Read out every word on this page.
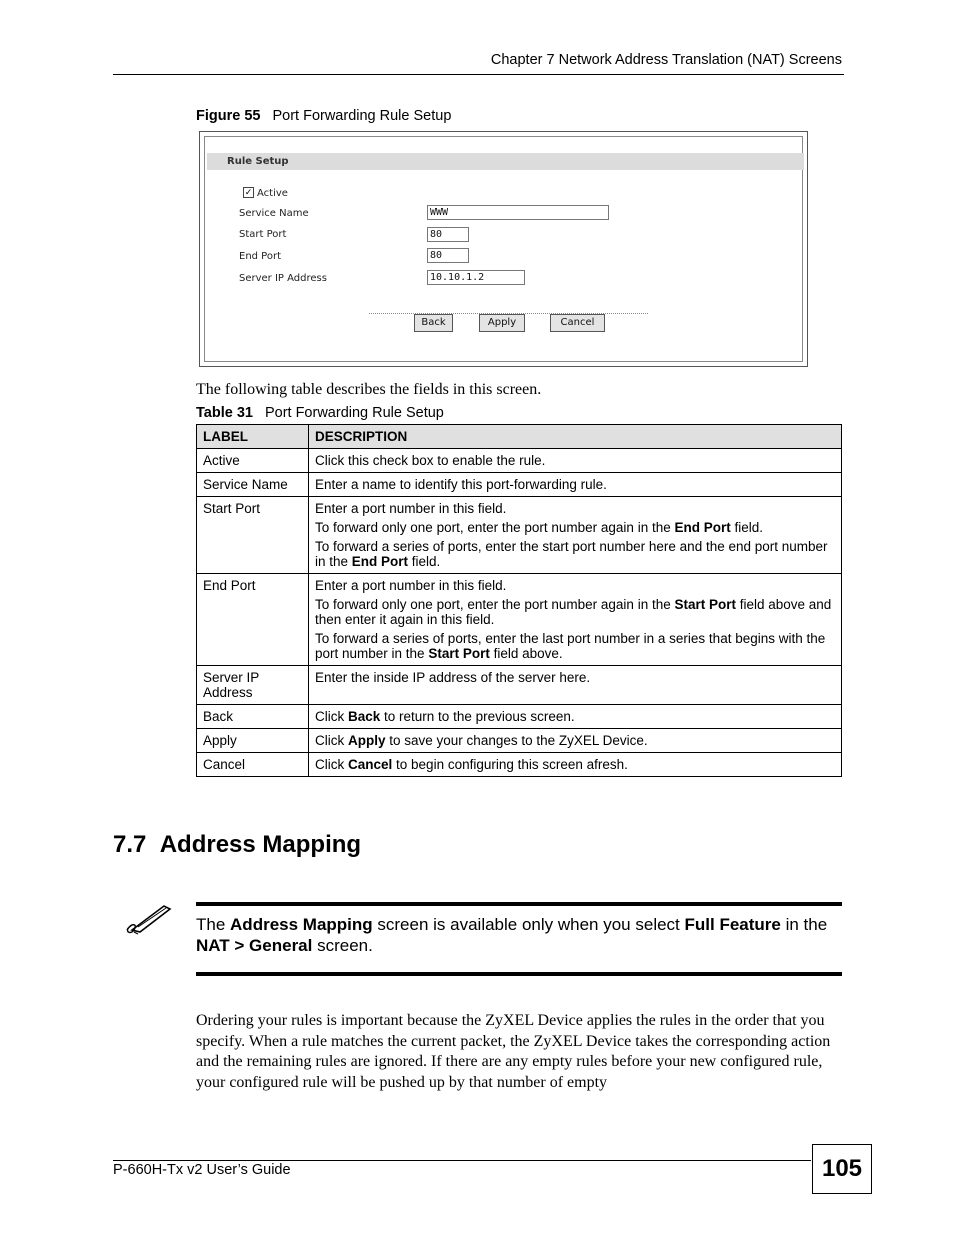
Chapter 7 Network Address Translation (NAT) Screens
Figure 55 Port Forwarding Rule Setup
Rule Setup
✓ Active
Service Name	WWW
Start Port	80
End Port	80
Server IP Address	10.10.1.2
Back	Apply	Cancel
The following table describes the fields in this screen.
Table 31 Port Forwarding Rule Setup
LABEL	DESCRIPTION
Active	Click this check box to enable the rule.

Service Name	Enter a name to identify this port-forwarding rule.

Start Port	Enter a port number in this field.

To forward only one port, enter the port number again in the End Port field.

To forward a series of ports, enter the start port number here and the end port number in the End Port field.

End Port	Enter a port number in this field.

To forward only one port, enter the port number again in the Start Port field above and then enter it again in this field.

To forward a series of ports, enter the last port number in a series that begins with the port number in the Start Port field above.

Server IP Address	Enter the inside IP address of the server here.

Back	Click Back to return to the previous screen.

Apply	Click Apply to save your changes to the ZyXEL Device.

Cancel	Click Cancel to begin configuring this screen afresh.

7.7 Address Mapping
The Address Mapping screen is available only when you select Full Feature in the NAT > General screen.
Ordering your rules is important because the ZyXEL Device applies the rules in the order that you specify. When a rule matches the current packet, the ZyXEL Device takes the corresponding action and the remaining rules are ignored. If there are any empty rules before your new configured rule, your configured rule will be pushed up by that number of empty
P-660H-Tx v2 User’s Guide	105
